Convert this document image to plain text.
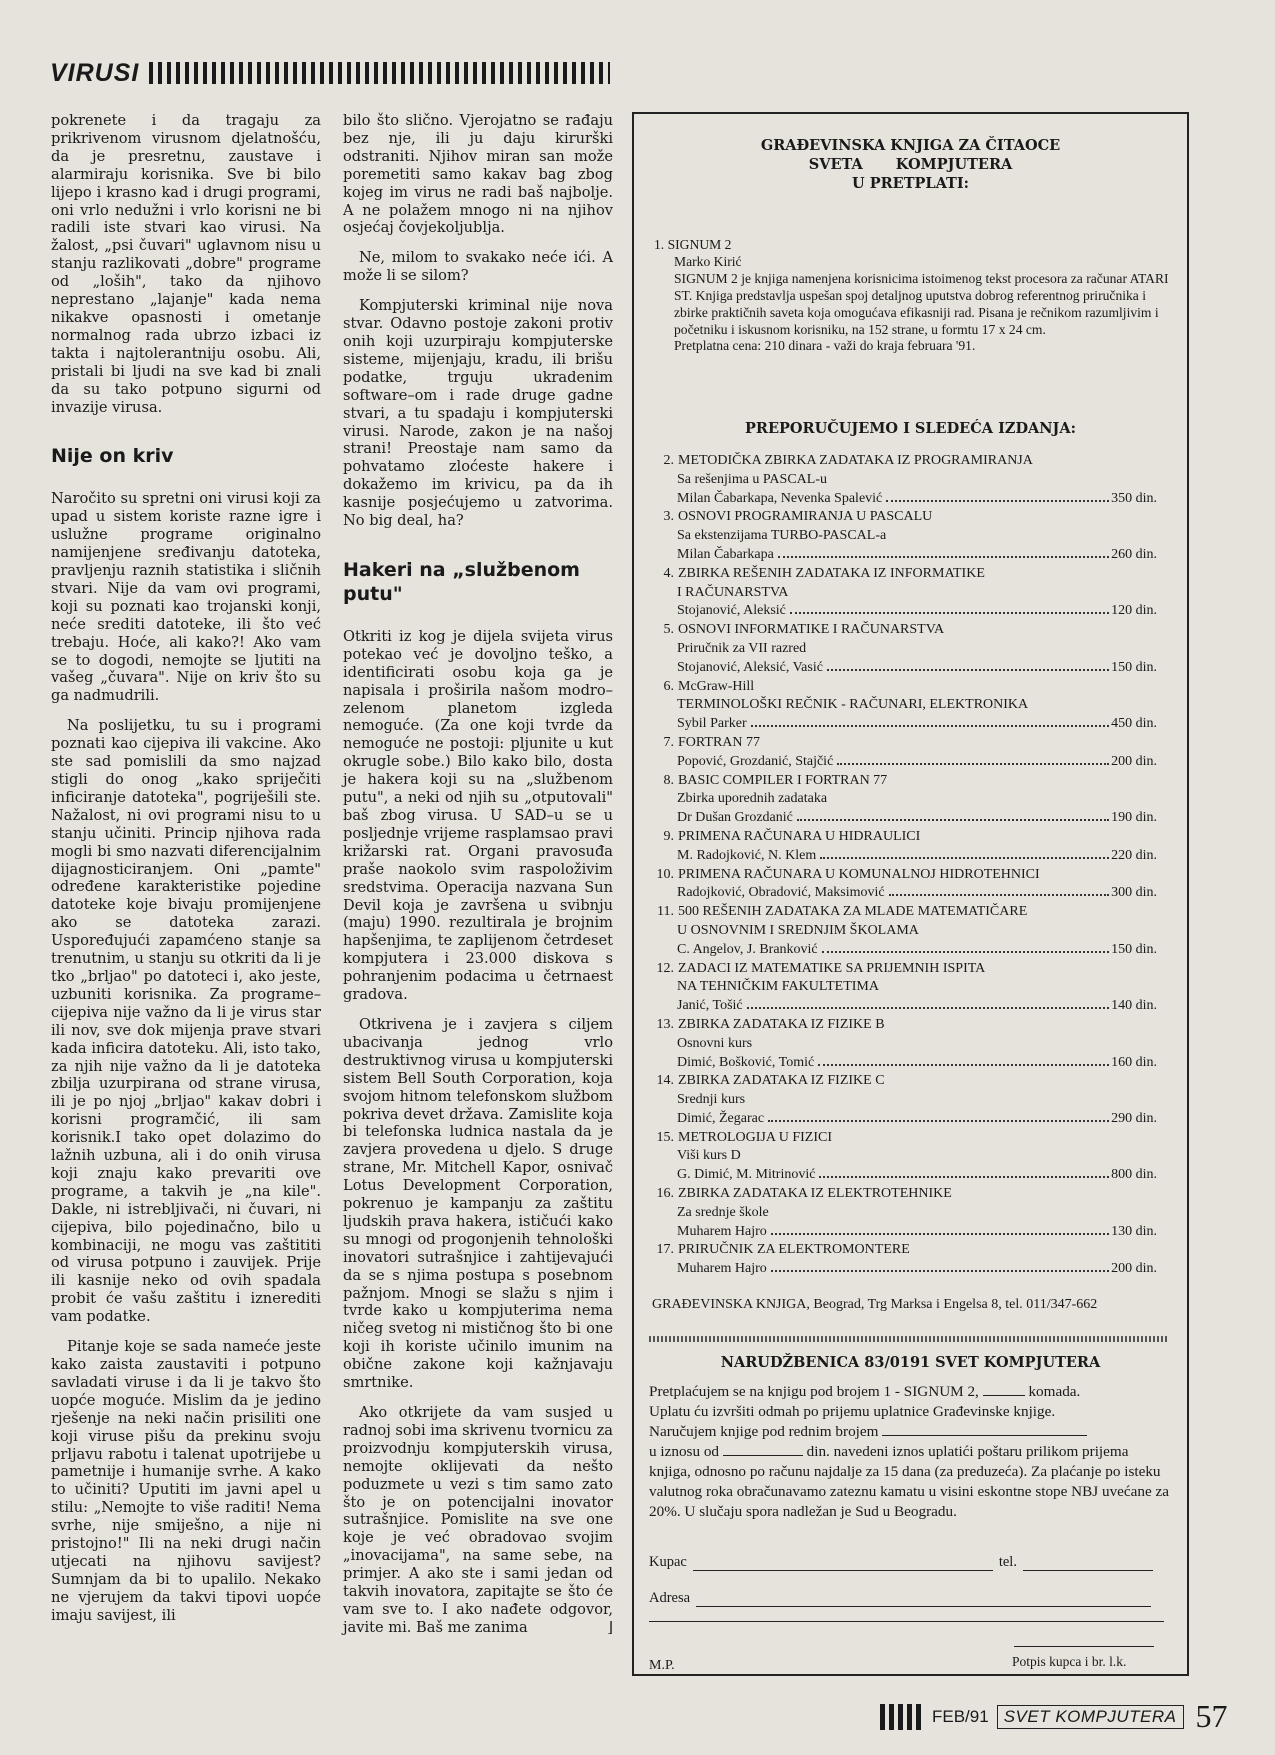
VIRUSI

pokrenete i da tragaju za prikrivenom virusnom djelatnošću, da je presretnu, zaustave i alarmiraju korisnika. Sve bi bilo lijepo i krasno kad i drugi programi, oni vrlo nedužni i vrlo korisni ne bi radili iste stvari kao virusi. Na žalost, „psi čuvari" uglavnom nisu u stanju razlikovati „dobre" programe od „loših", tako da njihovo neprestano „lajanje" kada nema nikakve opasnosti i ometanje normalnog rada ubrzo izbaci iz takta i najtolerantniju osobu. Ali, pristali bi ljudi na sve kad bi znali da su tako potpuno sigurni od invazije virusa.

Nije on kriv

Naročito su spretni oni virusi koji za upad u sistem koriste razne igre i uslužne programe originalno namijenjene sređivanju datoteka, pravljenju raznih statistika i sličnih stvari. Nije da vam ovi programi, koji su poznati kao trojanski konji, neće srediti datoteke, ili što već trebaju. Hoće, ali kako?! Ako vam se to dogodi, nemojte se ljutiti na vašeg „čuvara". Nije on kriv što su ga nadmudrili.

Na poslijetku, tu su i programi poznati kao cijepiva ili vakcine. Ako ste sad pomislili da smo najzad stigli do onog „kako spriječiti inficiranje datoteka", pogriješili ste. Nažalost, ni ovi programi nisu to u stanju učiniti. Princip njihova rada mogli bi smo nazvati diferencijalnim dijagnosticiranjem. Oni „pamte" određene karakteristike pojedine datoteke koje bivaju promijenjene ako se datoteka zarazi. Uspoređujući zapamćeno stanje sa trenutnim, u stanju su otkriti da li je tko „brljao" po datoteci i, ako jeste, uzbuniti korisnika. Za programe–cijepiva nije važno da li je virus star ili nov, sve dok mijenja prave stvari kada inficira datoteku. Ali, isto tako, za njih nije važno da li je datoteka zbilja uzurpirana od strane virusa, ili je po njoj „brljao" kakav dobri i korisni programčić, ili sam korisnik.I tako opet dolazimo do lažnih uzbuna, ali i do onih virusa koji znaju kako prevariti ove programe, a takvih je „na kile". Dakle, ni istrebljivači, ni čuvari, ni cijepiva, bilo pojedinačno, bilo u kombinaciji, ne mogu vas zaštititi od virusa potpuno i zauvijek. Prije ili kasnije neko od ovih spadala probit će vašu zaštitu i iznerediti vam podatke.

Pitanje koje se sada nameće jeste kako zaista zaustaviti i potpuno savladati viruse i da li je takvo što uopće moguće. Mislim da je jedino rješenje na neki način prisiliti one koji viruse pišu da prekinu svoju prljavu rabotu i talenat upotrijebe u pametnije i humanije svrhe. A kako to učiniti? Uputiti im javni apel u stilu: „Nemojte to više raditi! Nema svrhe, nije smiješno, a nije ni pristojno!" Ili na neki drugi način utjecati na njihovu savijest? Sumnjam da bi to upalilo. Nekako ne vjerujem da takvi tipovi uopće imaju savijest, ili

bilo što slično. Vjerojatno se rađaju bez nje, ili ju daju kirurški odstraniti. Njihov miran san može poremetiti samo kakav bag zbog kojeg im virus ne radi baš najbolje. A ne polažem mnogo ni na njihov osjećaj čovjekoljublja.

Ne, milom to svakako neće ići. A može li se silom?

Kompjuterski kriminal nije nova stvar. Odavno postoje zakoni protiv onih koji uzurpiraju kompjuterske sisteme, mijenjaju, kradu, ili brišu podatke, trguju ukradenim software–om i rade druge gadne stvari, a tu spadaju i kompjuterski virusi. Narode, zakon je na našoj strani! Preostaje nam samo da pohvatamo zloćeste hakere i dokažemo im krivicu, pa da ih kasnije posjećujemo u zatvorima. No big deal, ha?

Hakeri na „službenom putu"

Otkriti iz kog je dijela svijeta virus potekao već je dovoljno teško, a identificirati osobu koja ga je napisala i proširila našom modro–zelenom planetom izgleda nemoguće. (Za one koji tvrde da nemoguće ne postoji: pljunite u kut okrugle sobe.) Bilo kako bilo, dosta je hakera koji su na „službenom putu", a neki od njih su „otputovali" baš zbog virusa. U SAD–u se u posljednje vrijeme rasplamsao pravi križarski rat. Organi pravosuđa praše naokolo svim raspoloživim sredstvima. Operacija nazvana Sun Devil koja je završena u svibnju (maju) 1990. rezultirala je brojnim hapšenjima, te zaplijenom četrdeset kompjutera i 23.000 diskova s pohranjenim podacima u četrnaest gradova.

Otkrivena je i zavjera s ciljem ubacivanja jednog vrlo destruktivnog virusa u kompjuterski sistem Bell South Corporation, koja svojom hitnom telefonskom službom pokriva devet država. Zamislite koja bi telefonska ludnica nastala da je zavjera provedena u djelo. S druge strane, Mr. Mitchell Kapor, osnivač Lotus Development Corporation, pokrenuo je kampanju za zaštitu ljudskih prava hakera, ističući kako su mnogi od progonjenih tehnološki inovatori sutrašnjice i zahtijevajući da se s njima postupa s posebnom pažnjom. Mnogi se slažu s njim i tvrde kako u kompjuterima nema ničeg svetog ni mističnog što bi one koji ih koriste učinilo imunim na obične zakone koji kažnjavaju smrtnike.

Ako otkrijete da vam susjed u radnoj sobi ima skrivenu tvornicu za proizvodnju kompjuterskih virusa, nemojte oklijevati da nešto poduzmete u vezi s tim samo zato što je on potencijalni inovator sutrašnjice. Pomislite na sve one koje je već obradovao svojim „inovacijama", na same sebe, na primjer. A ako ste i sami jedan od takvih inovatora, zapitajte se što će vam sve to. I ako nađete odgovor, javite mi. Baš me zanima	⌋

GRAĐEVINSKA KNJIGA ZA ČITAOCE
SVETA KOMPJUTERA
U PRETPLATI:
1. SIGNUM 2
Marko Kirić
SIGNUM 2 je knjiga namenjena korisnicima istoimenog tekst procesora za računar ATARI ST. Knjiga predstavlja uspešan spoj detaljnog uputstva dobrog referentnog priručnika i zbirke praktičnih saveta koja omogućava efikasniji rad. Pisana je rečnikom razumljivim i početniku i iskusnom korisniku, na 152 strane, u formtu 17 x 24 cm.
Pretplatna cena: 210 dinara - važi do kraja februara '91.
PREPORUČUJEMO I SLEDEĆA IZDANJA:
2. METODIČKA ZBIRKA ZADATAKA IZ PROGRAMIRANJA
Sa rešenjima u PASCAL-u
Milan Čabarkapa, Nevenka Spalević	350 din.
3. OSNOVI PROGRAMIRANJA U PASCALU
Sa ekstenzijama TURBO-PASCAL-a
Milan Čabarkapa	260 din.
4. ZBIRKA REŠENIH ZADATAKA IZ INFORMATIKE
I RAČUNARSTVA
Stojanović, Aleksić	120 din.
5. OSNOVI INFORMATIKE I RAČUNARSTVA
Priručnik za VII razred
Stojanović, Aleksić, Vasić	150 din.
6. McGraw-Hill
TERMINOLOŠKI REČNIK - RAČUNARI, ELEKTRONIKA
Sybil Parker	450 din.
7. FORTRAN 77
Popović, Grozdanić, Stajčić	200 din.
8. BASIC COMPILER I FORTRAN 77
Zbirka uporednih zadataka
Dr Dušan Grozdanić	190 din.
9. PRIMENA RAČUNARA U HIDRAULICI
M. Radojković, N. Klem	220 din.
10. PRIMENA RAČUNARA U KOMUNALNOJ HIDROTEHNICI
Radojković, Obradović, Maksimović	300 din.
11. 500 REŠENIH ZADATAKA ZA MLADE MATEMATIČARE
U OSNOVNIM I SREDNJIM ŠKOLAMA
C. Angelov, J. Branković	150 din.
12. ZADACI IZ MATEMATIKE SA PRIJEMNIH ISPITA
NA TEHNIČKIM FAKULTETIMA
Janić, Tošić	140 din.
13. ZBIRKA ZADATAKA IZ FIZIKE B
Osnovni kurs
Dimić, Bošković, Tomić	160 din.
14. ZBIRKA ZADATAKA IZ FIZIKE C
Srednji kurs
Dimić, Žegarac	290 din.
15. METROLOGIJA U FIZICI
Viši kurs D
G. Dimić, M. Mitrinović	800 din.
16. ZBIRKA ZADATAKA IZ ELEKTROTEHNIKE
Za srednje škole
Muharem Hajro	130 din.
17. PRIRUČNIK ZA ELEKTROMONTERE
Muharem Hajro	200 din.
GRAĐEVINSKA KNJIGA, Beograd, Trg Marksa i Engelsa 8, tel. 011/347-662
NARUDŽBENICA 83/0191 SVET KOMPJUTERA
Pretplaćujem se na knjigu pod brojem 1 - SIGNUM 2,	komada.
Uplatu ću izvršiti odmah po prijemu uplatnice Građevinske knjige.
Naručujem knjige pod rednim brojem
u iznosu od	din. navedeni iznos uplatići poštaru prilikom prijema knjiga, odnosno po računu najdalje za 15 dana (za preduzeća). Za plaćanje po isteku valutnog roka obračunavamo zateznu kamatu u visini eskontne stope NBJ uvećane za 20%. U slučaju spora nadležan je Sud u Beogradu.
Kupac	tel.
Adresa
M.P.	Potpis kupca i br. l.k.
FEB/91 SVET KOMPJUTERA 57
